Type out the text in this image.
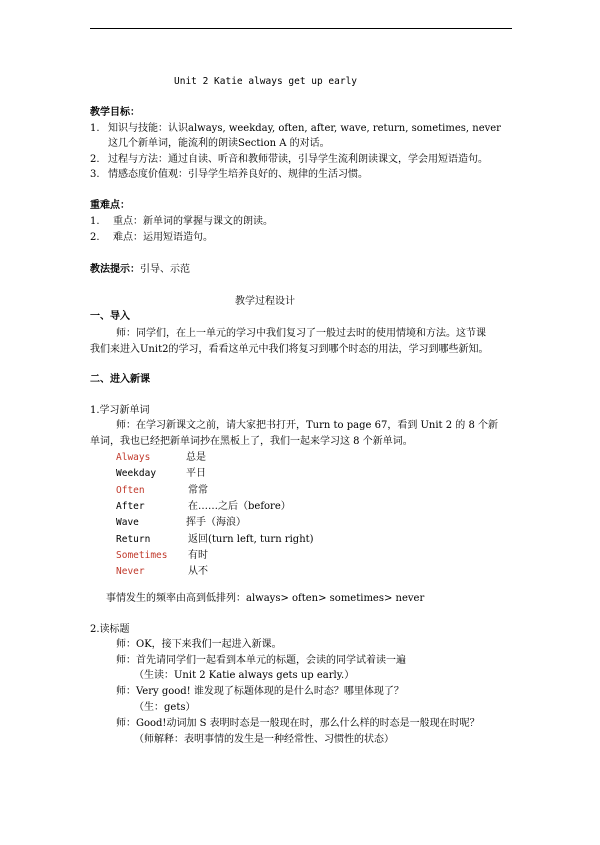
Unit 2 Katie always get up early
教学目标：
1. 知识与技能：认识always, weekday, often, after, wave, return, sometimes, never
这几个新单词，能流利的朗读Section A 的对话。
2. 过程与方法：通过自读、听音和教师带读，引导学生流利朗读课文，学会用短语造句。
3. 情感态度价值观：引导学生培养良好的、规律的生活习惯。
重难点：
1. 重点：新单词的掌握与课文的朗读。
2. 难点：运用短语造句。
教法提示：引导、示范
教学过程设计
一、导入
师：同学们，在上一单元的学习中我们复习了一般过去时的使用情境和方法。这节课
我们来进入Unit2的学习，看看这单元中我们将复习到哪个时态的用法，学习到哪些新知。
二、进入新课
1.学习新单词
师：在学习新课文之前，请大家把书打开，Turn to page 67，看到 Unit 2 的 8 个新
单词，我也已经把新单词抄在黑板上了，我们一起来学习这 8 个新单词。
Always	总是
Weekday	平日
Often	常常
After	在……之后（before）
Wave	挥手（海浪）
Return	返回(turn left, turn right)
Sometimes 有时
Never	从不
事情发生的频率由高到低排列：always> often> sometimes> never
2.读标题
师：OK，接下来我们一起进入新课。
师：首先请同学们一起看到本单元的标题，会读的同学试着读一遍
（生读：Unit 2 Katie always gets up early.）
师：Very good! 谁发现了标题体现的是什么时态？哪里体现了？
（生：gets）
师：Good!动词加 S 表明时态是一般现在时，那么什么样的时态是一般现在时呢？
（师解释：表明事情的发生是一种经常性、习惯性的状态）
